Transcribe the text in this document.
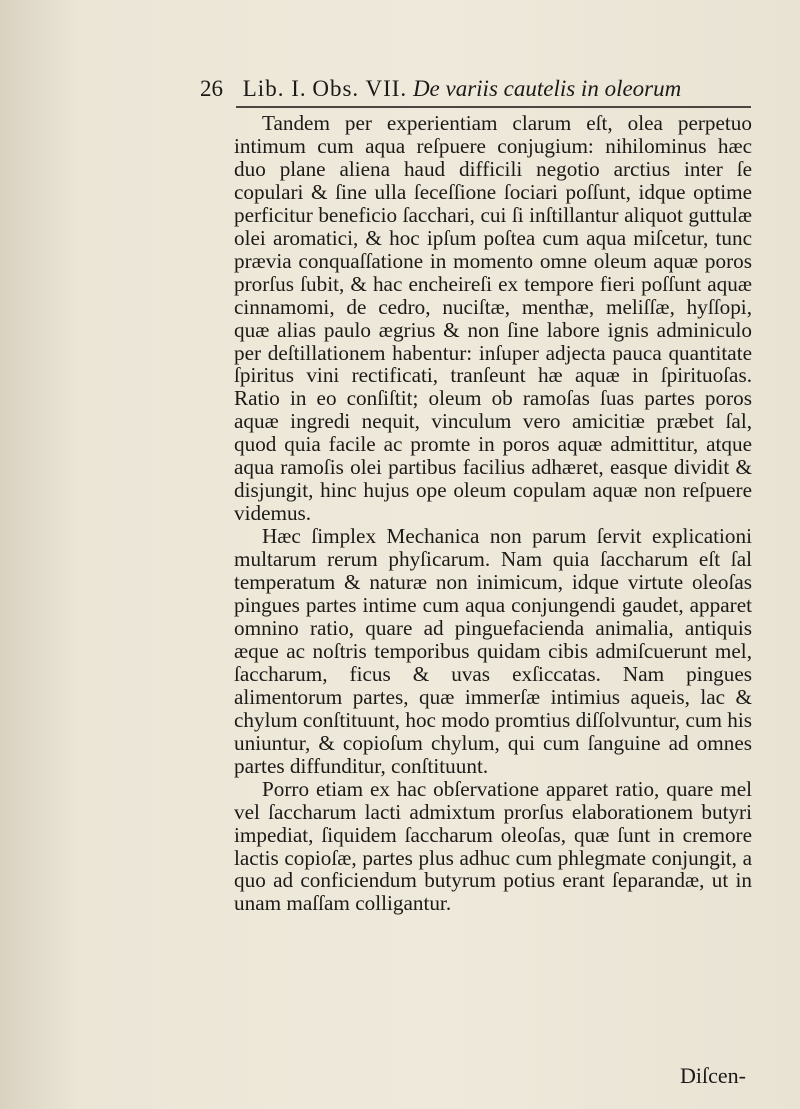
26 Lib. I. Obs. VII. De variis cautelis in oleorum

Tandem per experientiam clarum eſt, olea perpetuo intimum cum aqua reſpuere conjugium: nihilominus hæc duo plane aliena haud difficili negotio arctius inter ſe copulari & ſine ulla ſeceſſione ſociari poſſunt, idque optime perficitur beneficio ſacchari, cui ſi inſtillantur aliquot guttulæ olei aromatici, & hoc ipſum poſtea cum aqua miſcetur, tunc prævia conquaſſatione in momento omne oleum aquæ poros prorſus ſubit, & hac encheireſi ex tempore fieri poſſunt aquæ cinnamomi, de cedro, nuciſtæ, menthæ, meliſſæ, hyſſopi, quæ alias paulo ægrius & non ſine labore ignis adminiculo per deſtillationem habentur: inſuper adjecta pauca quantitate ſpiritus vini rectificati, tranſeunt hæ aquæ in ſpirituoſas. Ratio in eo conſiſtit; oleum ob ramoſas ſuas partes poros aquæ ingredi nequit, vinculum vero amicitiæ præbet ſal, quod quia facile ac promte in poros aquæ admittitur, atque aqua ramoſis olei partibus facilius adhæret, easque dividit & disjungit, hinc hujus ope oleum copulam aquæ non reſpuere videmus.

Hæc ſimplex Mechanica non parum ſervit explicationi multarum rerum phyſicarum. Nam quia ſaccharum eſt ſal temperatum & naturæ non inimicum, idque virtute oleoſas pingues partes intime cum aqua conjungendi gaudet, apparet omnino ratio, quare ad pinguefacienda animalia, antiquis æque ac noſtris temporibus quidam cibis admiſcuerunt mel, ſaccharum, ficus & uvas exſiccatas. Nam pingues alimentorum partes, quæ immerſæ intimius aqueis, lac & chylum conſtituunt, hoc modo promtius diſſolvuntur, cum his uniuntur, & copioſum chylum, qui cum ſanguine ad omnes partes diffunditur, conſtituunt.

Porro etiam ex hac obſervatione apparet ratio, quare mel vel ſaccharum lacti admixtum prorſus elaborationem butyri impediat, ſiquidem ſaccharum oleoſas, quæ ſunt in cremore lactis copioſæ, partes plus adhuc cum phlegmate conjungit, a quo ad conficiendum butyrum potius erant ſeparandæ, ut in unam maſſam colligantur.

Diſcen-
